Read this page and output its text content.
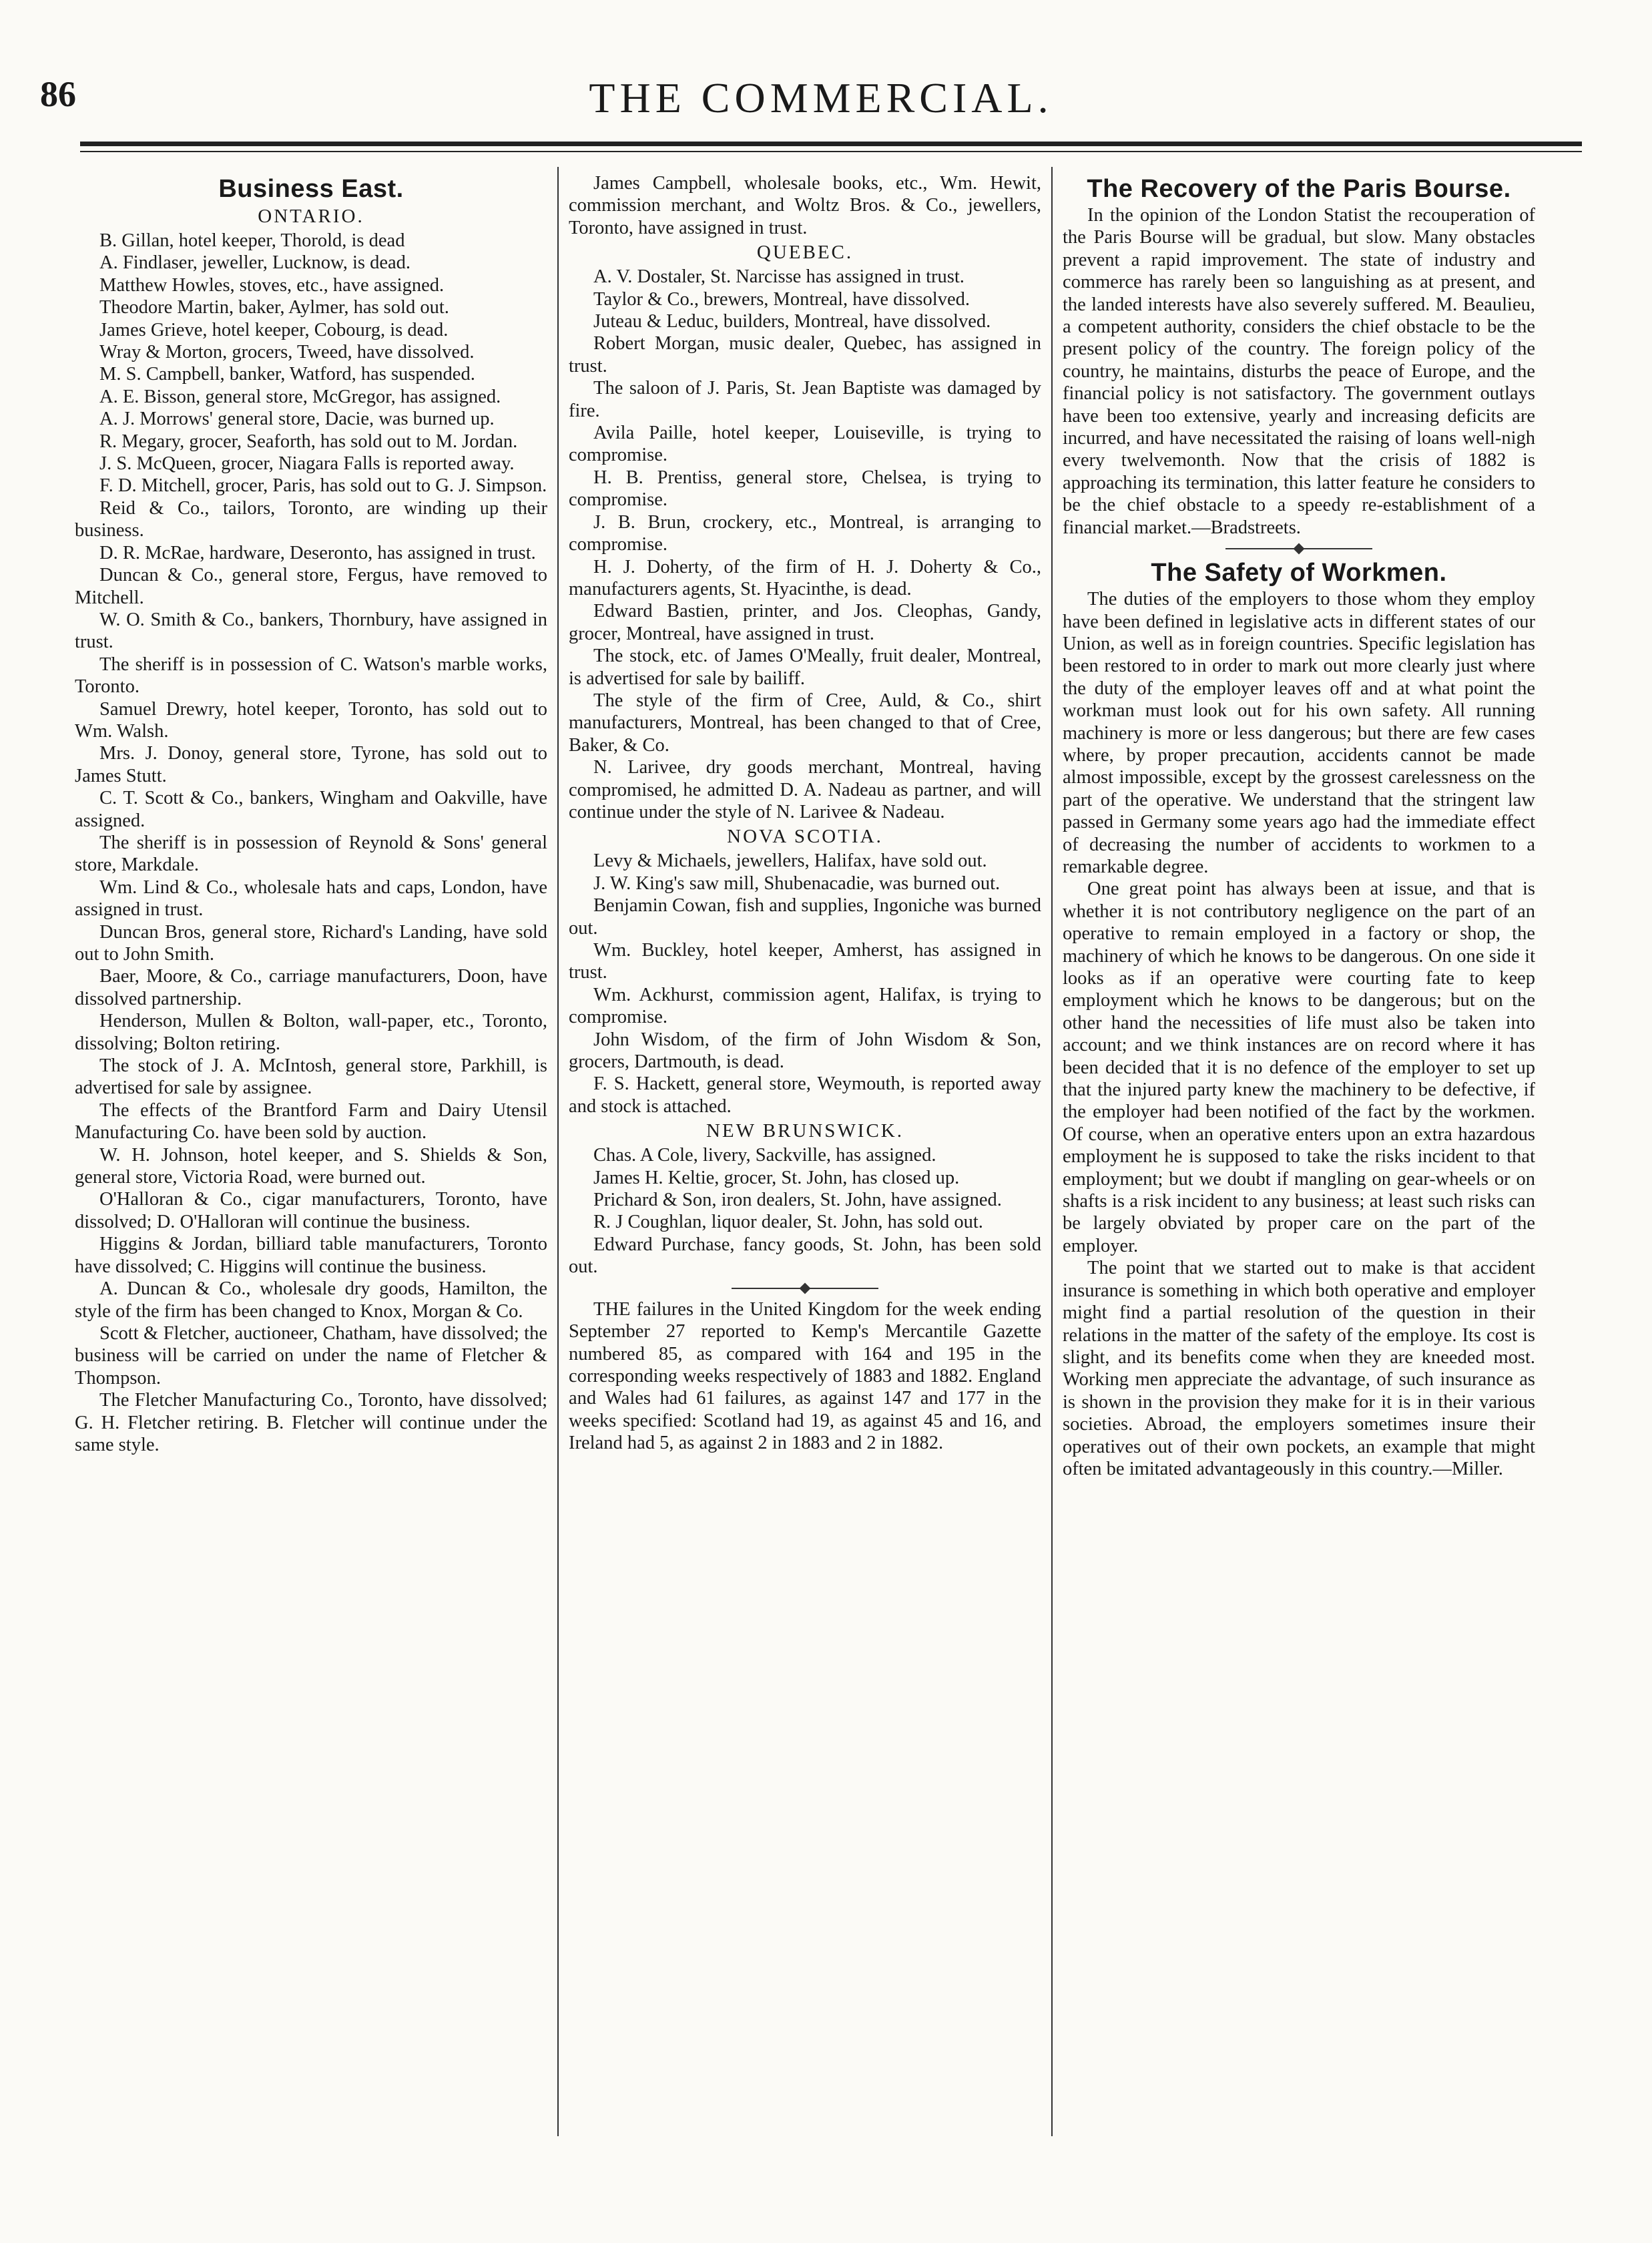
86	THE COMMERCIAL.
Business East.
ONTARIO.

B. Gillan, hotel keeper, Thorold, is dead

A. Findlaser, jeweller, Lucknow, is dead.

Matthew Howles, stoves, etc., have assigned.

Theodore Martin, baker, Aylmer, has sold out.

James Grieve, hotel keeper, Cobourg, is dead.

Wray & Morton, grocers, Tweed, have dissolved.

M. S. Campbell, banker, Watford, has suspended.

A. E. Bisson, general store, McGregor, has assigned.

A. J. Morrows' general store, Dacie, was burned up.

R. Megary, grocer, Seaforth, has sold out to M. Jordan.

J. S. McQueen, grocer, Niagara Falls is reported away.

F. D. Mitchell, grocer, Paris, has sold out to G. J. Simpson.

Reid & Co., tailors, Toronto, are winding up their business.

D. R. McRae, hardware, Deseronto, has assigned in trust.

Duncan & Co., general store, Fergus, have removed to Mitchell.

W. O. Smith & Co., bankers, Thornbury, have assigned in trust.

The sheriff is in possession of C. Watson's marble works, Toronto.

Samuel Drewry, hotel keeper, Toronto, has sold out to Wm. Walsh.

Mrs. J. Donoy, general store, Tyrone, has sold out to James Stutt.

C. T. Scott & Co., bankers, Wingham and Oakville, have assigned.

The sheriff is in possession of Reynold & Sons' general store, Markdale.

Wm. Lind & Co., wholesale hats and caps, London, have assigned in trust.

Duncan Bros, general store, Richard's Landing, have sold out to John Smith.

Baer, Moore, & Co., carriage manufacturers, Doon, have dissolved partnership.

Henderson, Mullen & Bolton, wall-paper, etc., Toronto, dissolving; Bolton retiring.

The stock of J. A. McIntosh, general store, Parkhill, is advertised for sale by assignee.

The effects of the Brantford Farm and Dairy Utensil Manufacturing Co. have been sold by auction.

W. H. Johnson, hotel keeper, and S. Shields & Son, general store, Victoria Road, were burned out.

O'Halloran & Co., cigar manufacturers, Toronto, have dissolved; D. O'Halloran will continue the business.

Higgins & Jordan, billiard table manufacturers, Toronto have dissolved; C. Higgins will continue the business.

A. Duncan & Co., wholesale dry goods, Hamilton, the style of the firm has been changed to Knox, Morgan & Co.

Scott & Fletcher, auctioneer, Chatham, have dissolved; the business will be carried on under the name of Fletcher & Thompson.

The Fletcher Manufacturing Co., Toronto, have dissolved; G. H. Fletcher retiring. B. Fletcher will continue under the same style.

James Campbell, wholesale books, etc., Wm. Hewit, commission merchant, and Woltz Bros. & Co., jewellers, Toronto, have assigned in trust.

QUEBEC.

A. V. Dostaler, St. Narcisse has assigned in trust.

Taylor & Co., brewers, Montreal, have dissolved.

Juteau & Leduc, builders, Montreal, have dissolved.

Robert Morgan, music dealer, Quebec, has assigned in trust.

The saloon of J. Paris, St. Jean Baptiste was damaged by fire.

Avila Paille, hotel keeper, Louiseville, is trying to compromise.

H. B. Prentiss, general store, Chelsea, is trying to compromise.

J. B. Brun, crockery, etc., Montreal, is arranging to compromise.

H. J. Doherty, of the firm of H. J. Doherty & Co., manufacturers agents, St. Hyacinthe, is dead.

Edward Bastien, printer, and Jos. Cleophas, Gandy, grocer, Montreal, have assigned in trust.

The stock, etc. of James O'Meally, fruit dealer, Montreal, is advertised for sale by bailiff.

The style of the firm of Cree, Auld, & Co., shirt manufacturers, Montreal, has been changed to that of Cree, Baker, & Co.

N. Larivee, dry goods merchant, Montreal, having compromised, he admitted D. A. Nadeau as partner, and will continue under the style of N. Larivee & Nadeau.

NOVA SCOTIA.

Levy & Michaels, jewellers, Halifax, have sold out.

J. W. King's saw mill, Shubenacadie, was burned out.

Benjamin Cowan, fish and supplies, Ingoniche was burned out.

Wm. Buckley, hotel keeper, Amherst, has assigned in trust.

Wm. Ackhurst, commission agent, Halifax, is trying to compromise.

John Wisdom, of the firm of John Wisdom & Son, grocers, Dartmouth, is dead.

F. S. Hackett, general store, Weymouth, is reported away and stock is attached.

NEW BRUNSWICK.

Chas. A Cole, livery, Sackville, has assigned.

James H. Keltie, grocer, St. John, has closed up.

Prichard & Son, iron dealers, St. John, have assigned.

R. J Coughlan, liquor dealer, St. John, has sold out.

Edward Purchase, fancy goods, St. John, has been sold out.

THE failures in the United Kingdom for the week ending September 27 reported to Kemp's Mercantile Gazette numbered 85, as compared with 164 and 195 in the corresponding weeks respectively of 1883 and 1882. England and Wales had 61 failures, as against 147 and 177 in the weeks specified: Scotland had 19, as against 45 and 16, and Ireland had 5, as against 2 in 1883 and 2 in 1882.

The Recovery of the Paris Bourse.

In the opinion of the London Statist the recouperation of the Paris Bourse will be gradual, but slow. Many obstacles prevent a rapid improvement. The state of industry and commerce has rarely been so languishing as at present, and the landed interests have also severely suffered. M. Beaulieu, a competent authority, considers the chief obstacle to be the present policy of the country. The foreign policy of the country, he maintains, disturbs the peace of Europe, and the financial policy is not satisfactory. The government outlays have been too extensive, yearly and increasing deficits are incurred, and have necessitated the raising of loans well-nigh every twelvemonth. Now that the crisis of 1882 is approaching its termination, this latter feature he considers to be the chief obstacle to a speedy re-establishment of a financial market.—Bradstreets.

The Safety of Workmen.

The duties of the employers to those whom they employ have been defined in legislative acts in different states of our Union, as well as in foreign countries. Specific legislation has been restored to in order to mark out more clearly just where the duty of the employer leaves off and at what point the workman must look out for his own safety. All running machinery is more or less dangerous; but there are few cases where, by proper precaution, accidents cannot be made almost impossible, except by the grossest carelessness on the part of the operative. We understand that the stringent law passed in Germany some years ago had the immediate effect of decreasing the number of accidents to workmen to a remarkable degree.

One great point has always been at issue, and that is whether it is not contributory negligence on the part of an operative to remain employed in a factory or shop, the machinery of which he knows to be dangerous. On one side it looks as if an operative were courting fate to keep employment which he knows to be dangerous; but on the other hand the necessities of life must also be taken into account; and we think instances are on record where it has been decided that it is no defence of the employer to set up that the injured party knew the machinery to be defective, if the employer had been notified of the fact by the workmen. Of course, when an operative enters upon an extra hazardous employment he is supposed to take the risks incident to that employment; but we doubt if mangling on gear-wheels or on shafts is a risk incident to any business; at least such risks can be largely obviated by proper care on the part of the employer.

The point that we started out to make is that accident insurance is something in which both operative and employer might find a partial resolution of the question in their relations in the matter of the safety of the employe. Its cost is slight, and its benefits come when they are kneeded most. Working men appreciate the advantage, of such insurance as is shown in the provision they make for it is in their various societies. Abroad, the employers sometimes insure their operatives out of their own pockets, an example that might often be imitated advantageously in this country.—Miller.
